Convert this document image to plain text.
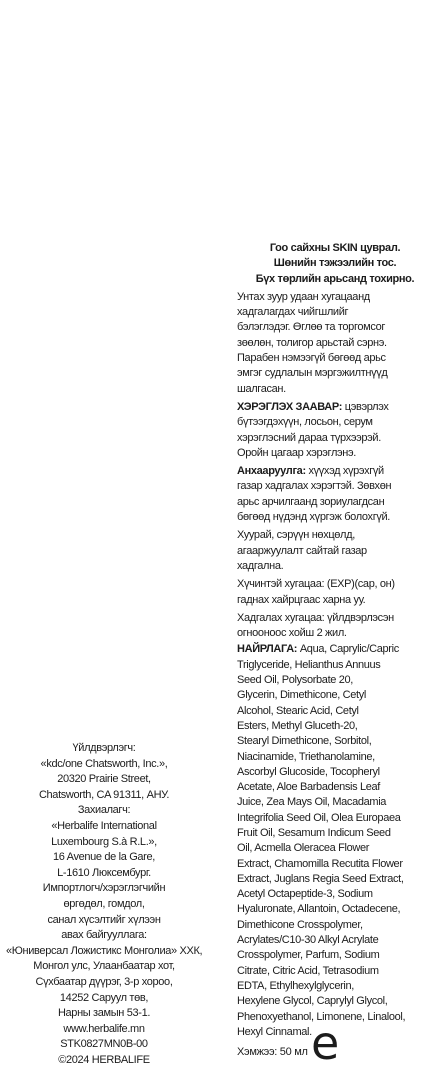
Үйлдвэрлэгч:
«kdc/one Chatsworth, Inc.»,
20320 Prairie Street,
Chatsworth, CA 91311, АНУ.
Захиалагч:
«Herbalife International
Luxembourg S.à R.L.»,
16 Avenue de la Gare,
L-1610 Люксембург.
Импортлогч/хэрэглэгчийн
өргөдөл, гомдол,
санал хүсэлтийг хүлээн
авах байгууллага:
«Юниверсал Ложистикс Монголиа» ХХК,
Монгол улс, Улаанбаатар хот,
Сүхбаатар дүүрэг, 3-р хороо,
14252 Саруул төв,
Нарны замын 53-1.
www.herbalife.mn
STK0827MN0B-00
©2024 HERBALIFE
Гоо сайхны SKIN цуврал.
Шөнийн тэжээлийн тос.
Бүх төрлийн арьсанд тохирно.
Унтах зуур удаан хугацаанд
хадгалагдах чийгшлийг
бэлэглэдэг. Өглөө та торгомсог
зөөлөн, толигор арьстай сэрнэ.
Парабен нэмээгүй бөгөөд арьс
эмгэг судлалын мэргэжилтнүүд
шалгасан.
ХЭРЭГЛЭХ ЗААВАР: цэвэрлэх
бүтээгдэхүүн, лосьон, серум
хэрэглэсний дараа түрхээрэй.
Оройн цагаар хэрэглэнэ.
Анхааруулга: хүүхэд хүрэхгүй
газар хадгалах хэрэгтэй. Зөвхөн
арьс арчилгаанд зориулагдсан
бөгөөд нүдэнд хүргэж болохгүй.
Хуурай, сэрүүн нөхцөлд,
агааржуулалт сайтай газар
хадгална.
Хүчинтэй хугацаа: (EXP)(сар, он)
гаднах хайрцгаас харна уу.
Хадгалах хугацаа: үйлдвэрлэсэн
огнооноос хойш 2 жил.
НАЙРЛАГА: Aqua, Caprylic/Capric
Triglyceride, Helianthus Annuus
Seed Oil, Polysorbate 20,
Glycerin, Dimethicone, Cetyl
Alcohol, Stearic Acid, Cetyl
Esters, Methyl Gluceth-20,
Stearyl Dimethicone, Sorbitol,
Niacinamide, Triethanolamine,
Ascorbyl Glucoside, Tocopheryl
Acetate, Aloe Barbadensis Leaf
Juice, Zea Mays Oil, Macadamia
Integrifolia Seed Oil, Olea Europaea
Fruit Oil, Sesamum Indicum Seed
Oil, Acmella Oleracea Flower
Extract, Chamomilla Recutita Flower
Extract, Juglans Regia Seed Extract,
Acetyl Octapeptide-3, Sodium
Hyaluronate, Allantoin, Octadecene,
Dimethicone Crosspolymer,
Acrylates/C10-30 Alkyl Acrylate
Crosspolymer, Parfum, Sodium
Citrate, Citric Acid, Tetrasodium
EDTA, Ethylhexylglycerin,
Hexylene Glycol, Caprylyl Glycol,
Phenoxyethanol, Limonene, Linalool,
Hexyl Cinnamal.
Хэмжээ: 50 мл e
